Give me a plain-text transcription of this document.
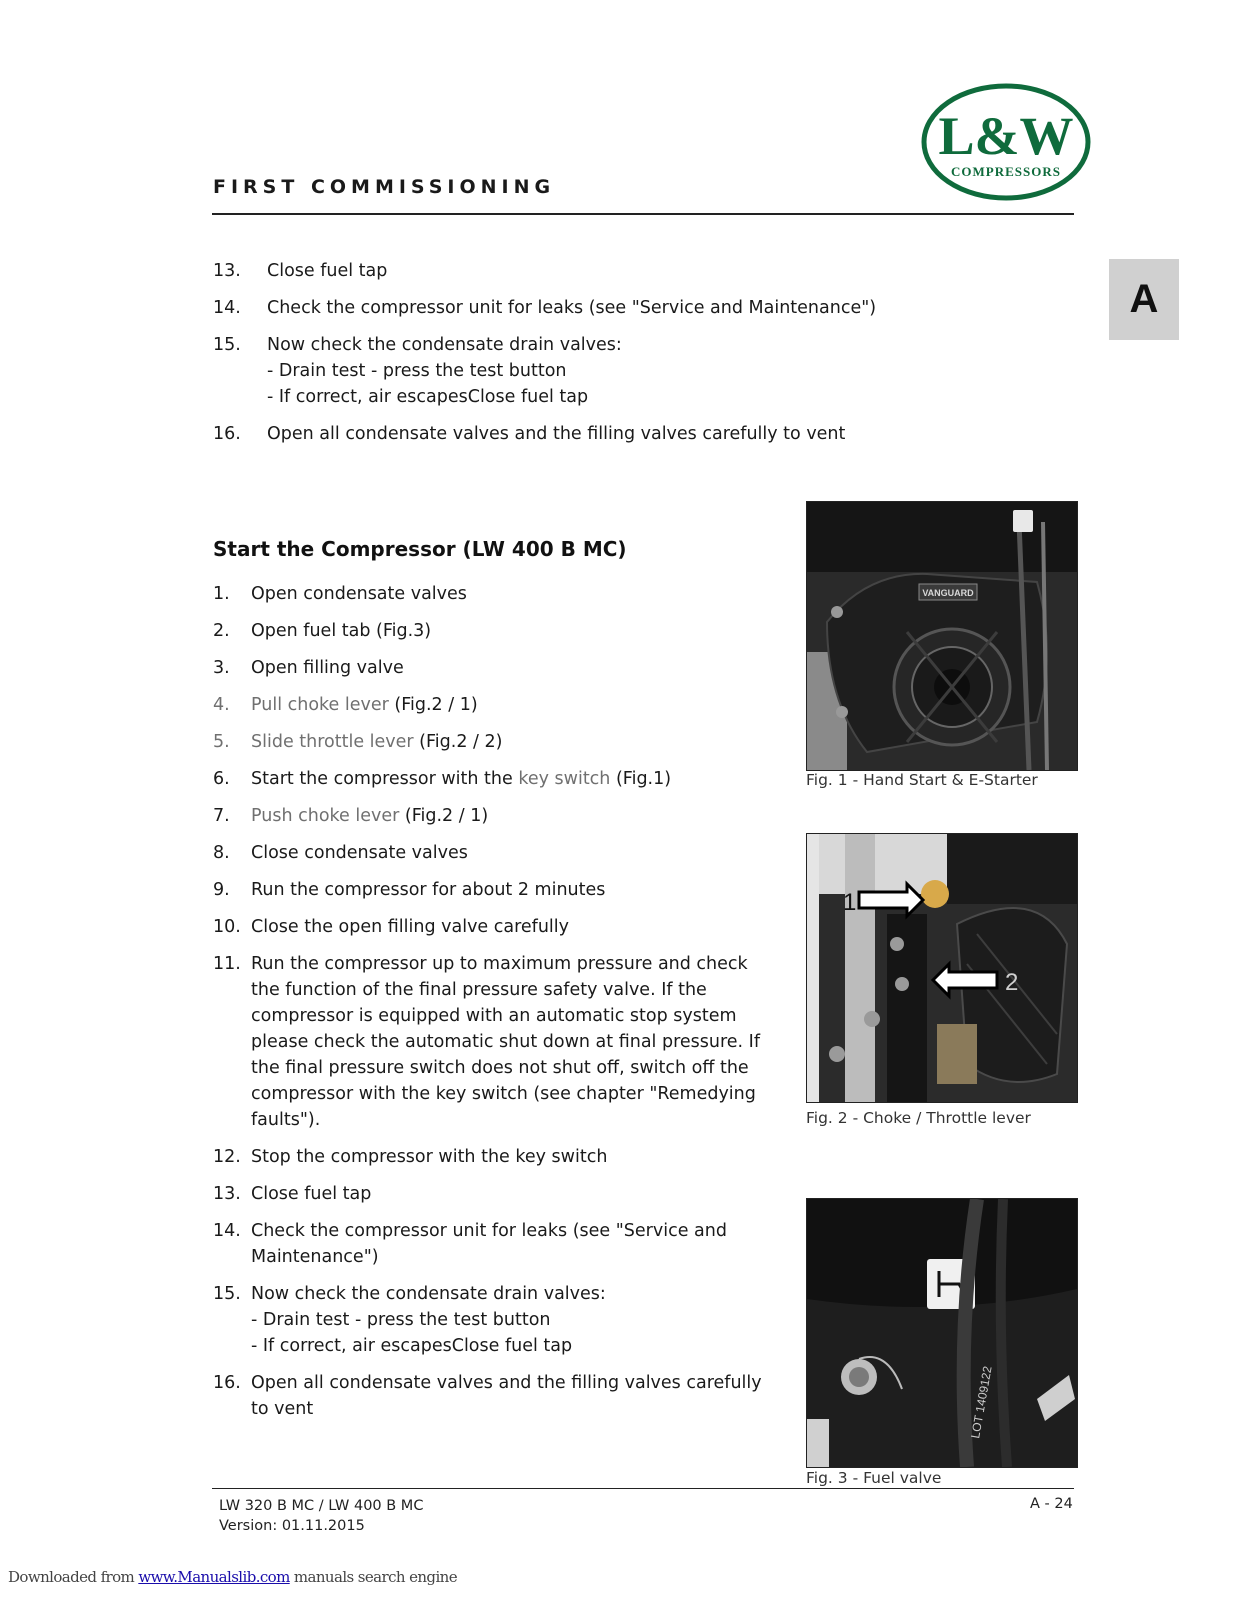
FIRST COMMISSIONING
L&W
COMPRESSORS
A
13. Close fuel tap
14. Check the compressor unit for leaks (see "Service and Maintenance")
15. Now check the condensate drain valves:
- Drain test - press the test button
- If correct, air escapesClose fuel tap
16. Open all condensate valves and the filling valves carefully to vent
Start the Compressor (LW 400 B MC)
1. Open condensate valves
2. Open fuel tab (Fig.3)
3. Open filling valve
4. Pull choke lever (Fig.2 / 1)
5. Slide throttle lever (Fig.2 / 2)
6. Start the compressor with the key switch (Fig.1)
7. Push choke lever (Fig.2 / 1)
8. Close condensate valves
9. Run the compressor for about 2 minutes
10. Close the open filling valve carefully
11. Run the compressor up to maximum pressure and check the function of the final pressure safety valve. If the compressor is equipped with an automatic stop system please check the automatic shut down at final pressure. If the final pressure switch does not shut off, switch off the compressor with the key switch (see chapter "Remedying faults").
12. Stop the compressor with the key switch
13. Close fuel tap
14. Check the compressor unit for leaks (see "Service and Maintenance")
15. Now check the condensate drain valves:
- Drain test - press the test button
- If correct, air escapesClose fuel tap
16. Open all condensate valves and the filling valves carefully to vent
VANGUARD
Fig. 1 - Hand Start & E-Starter
1
2
Fig. 2 - Choke / Throttle lever
LOT 1409122
Fig. 3 - Fuel valve
LW 320 B MC / LW 400 B MC
Version: 01.11.2015
A - 24
Downloaded from www.Manualslib.com manuals search engine
